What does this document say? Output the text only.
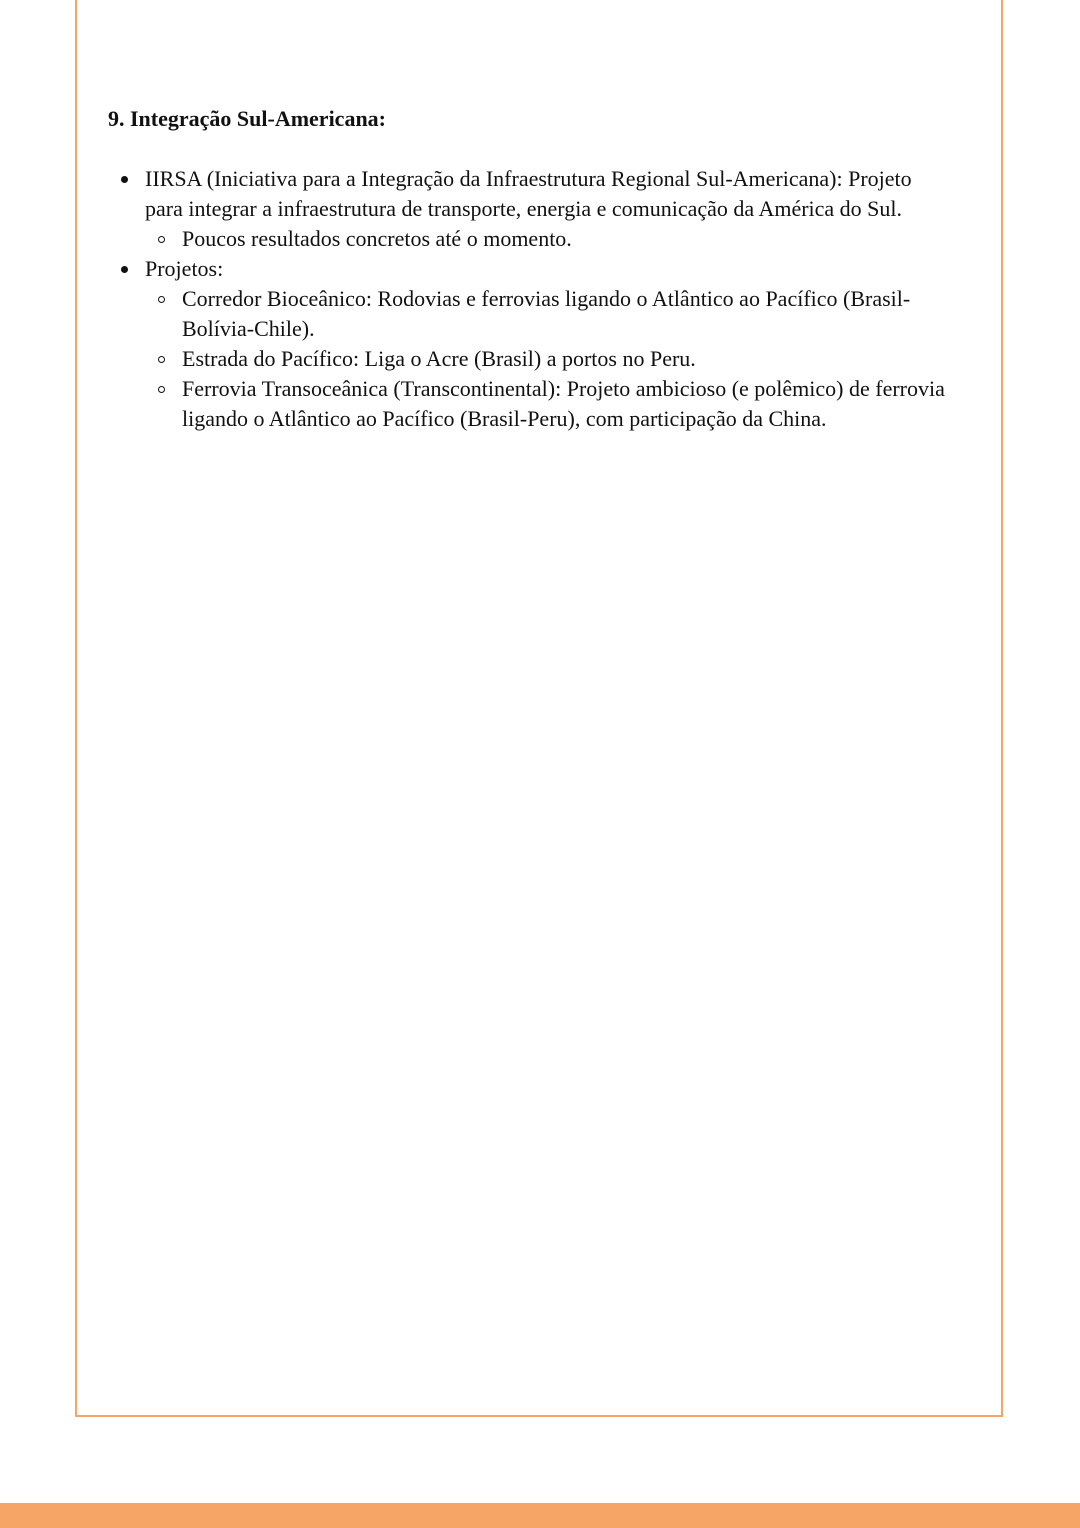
9. Integração Sul-Americana:
IIRSA (Iniciativa para a Integração da Infraestrutura Regional Sul-Americana): Projeto para integrar a infraestrutura de transporte, energia e comunicação da América do Sul.
Poucos resultados concretos até o momento.
Projetos:
Corredor Bioceânico: Rodovias e ferrovias ligando o Atlântico ao Pacífico (Brasil-Bolívia-Chile).
Estrada do Pacífico: Liga o Acre (Brasil) a portos no Peru.
Ferrovia Transoceânica (Transcontinental): Projeto ambicioso (e polêmico) de ferrovia ligando o Atlântico ao Pacífico (Brasil-Peru), com participação da China.
